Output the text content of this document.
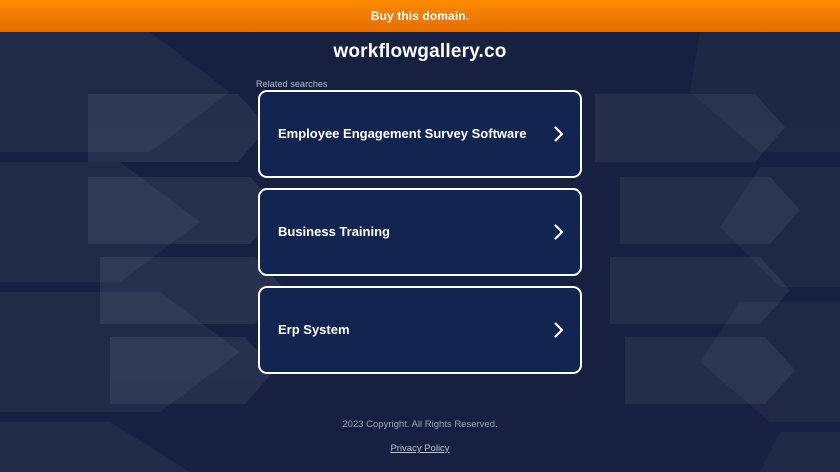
Buy this domain.
workflowgallery.co
Related searches
Employee Engagement Survey Software
Business Training
Erp System
2023 Copyright. All Rights Reserved.
Privacy Policy
